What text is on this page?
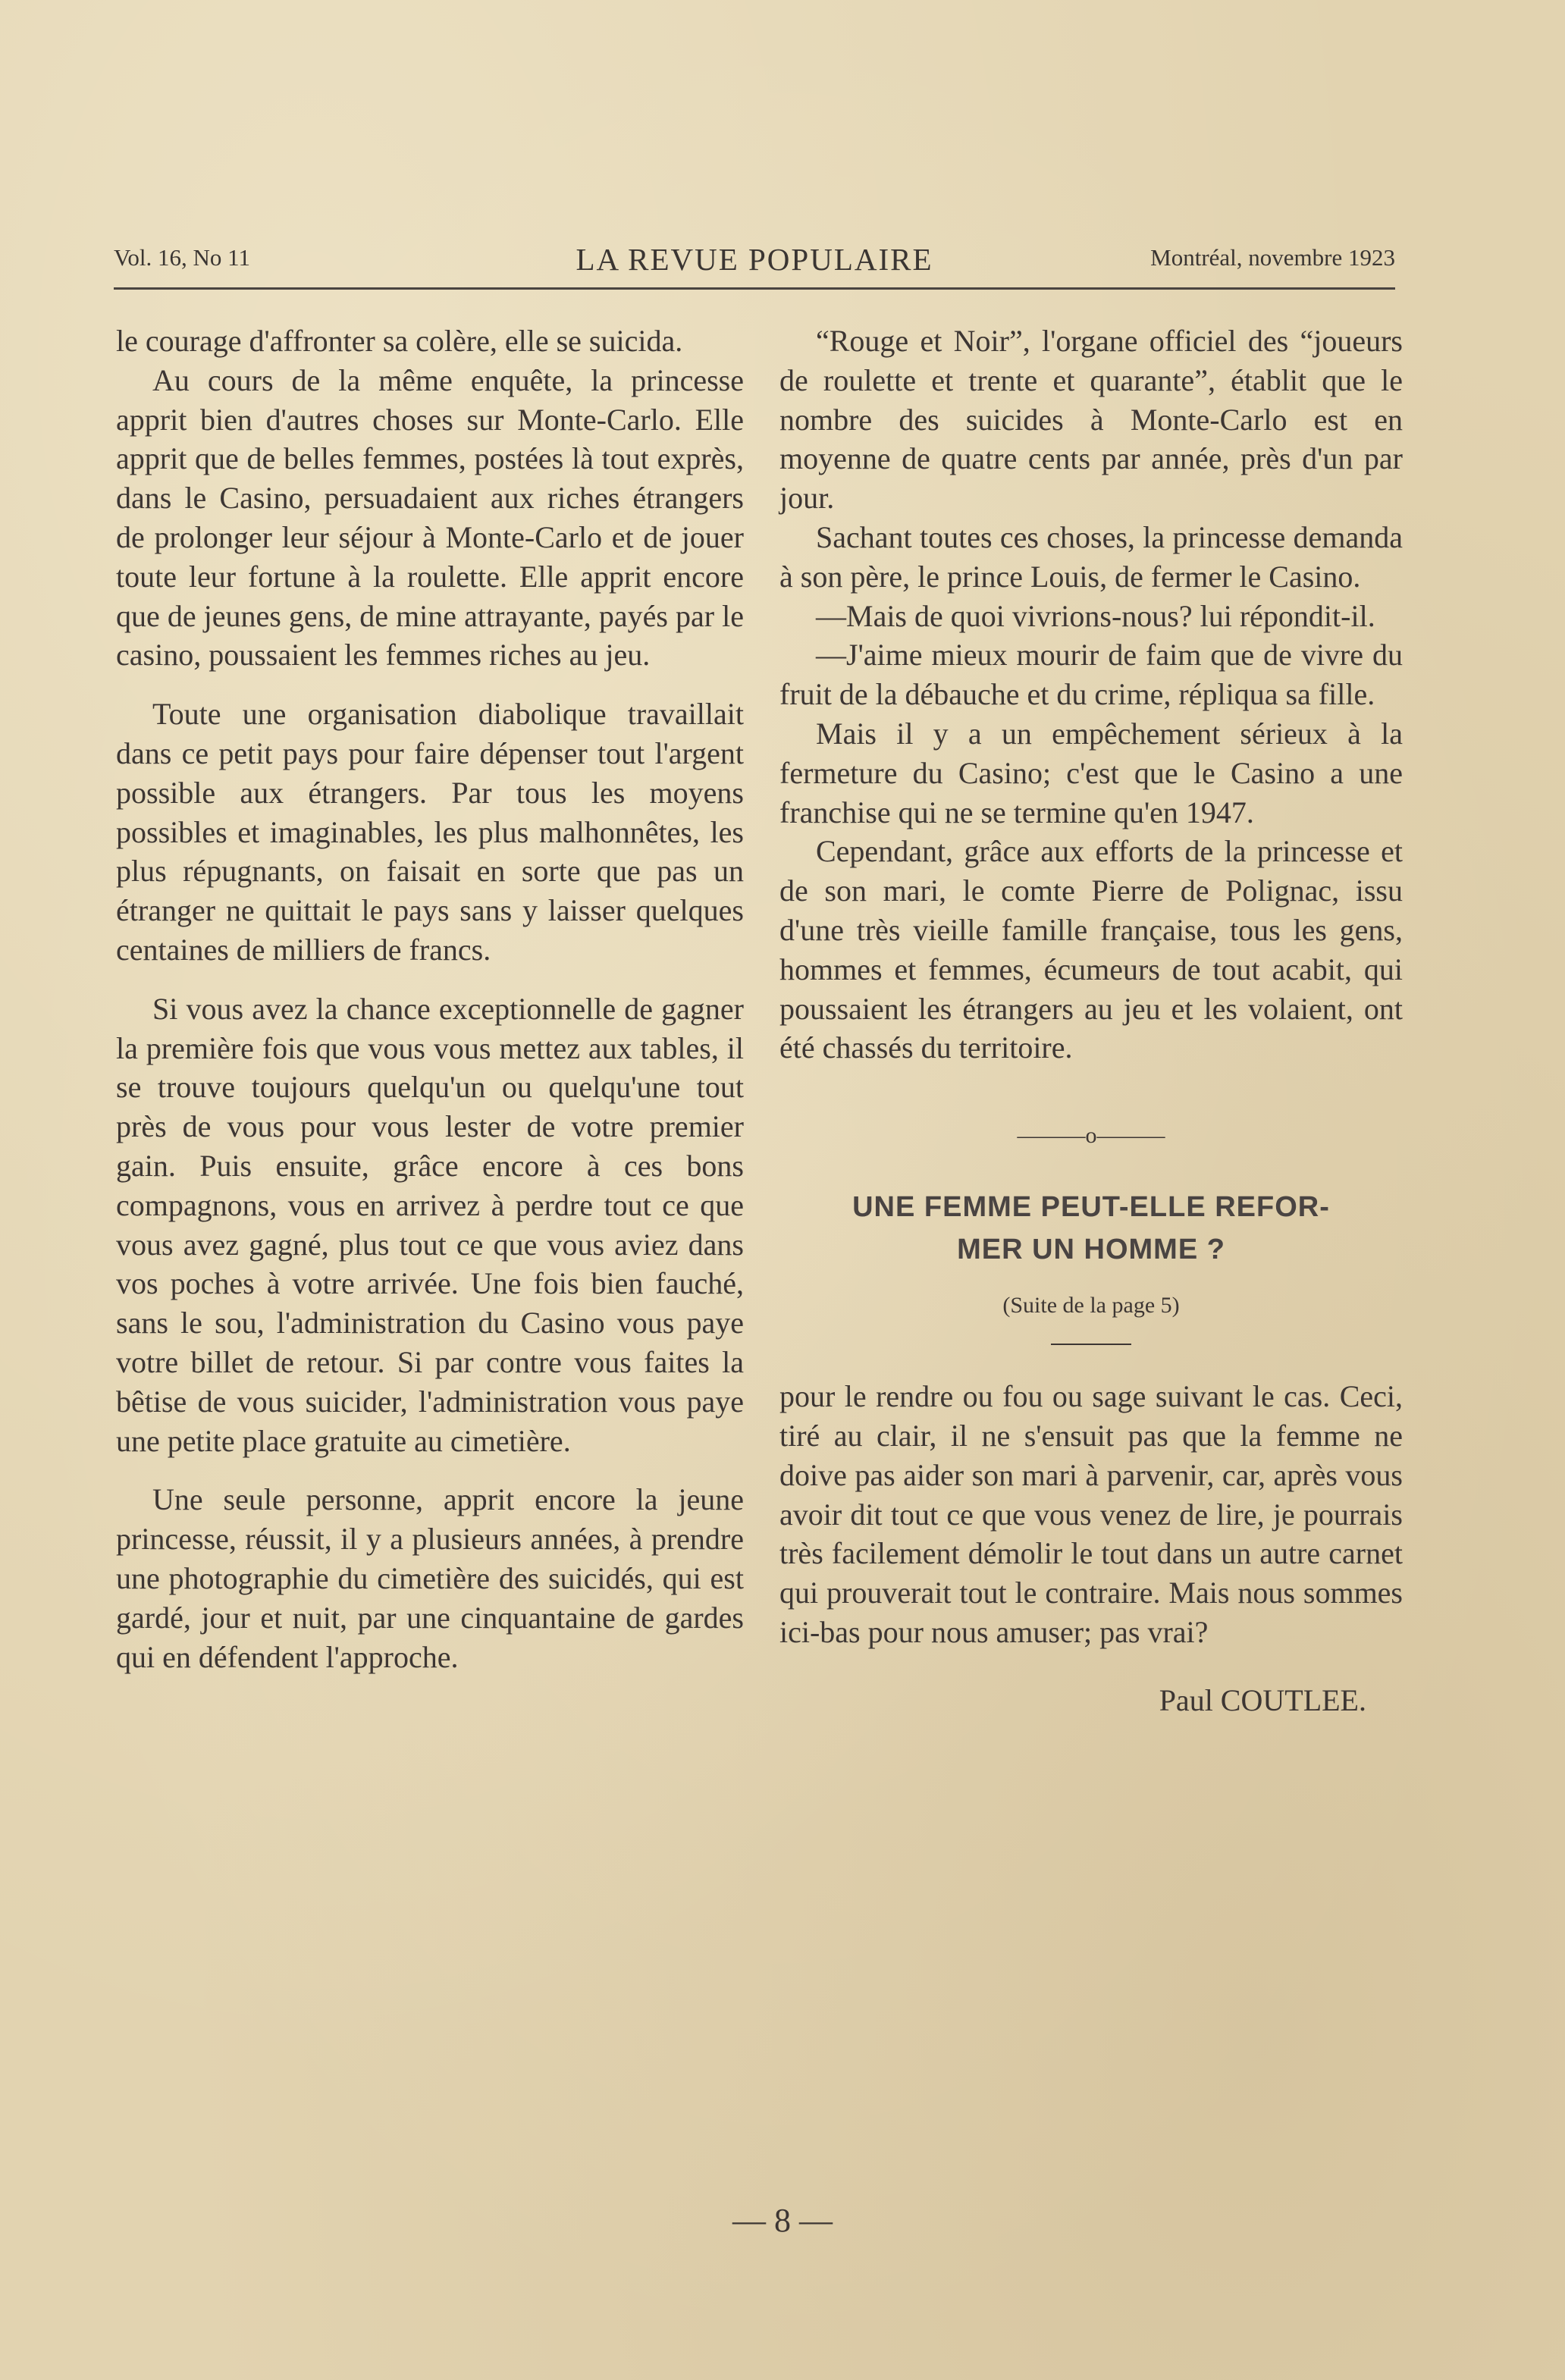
Vol. 16, No 11	LA REVUE POPULAIRE	Montréal, novembre 1923

le courage d'affronter sa colère, elle se suicida.

Au cours de la même enquête, la princesse apprit bien d'autres choses sur Monte-Carlo. Elle apprit que de belles femmes, postées là tout exprès, dans le Casino, persuadaient aux riches étrangers de prolonger leur séjour à Monte-Carlo et de jouer toute leur fortune à la roulette. Elle apprit encore que de jeunes gens, de mine attrayante, payés par le casino, poussaient les femmes riches au jeu.

Toute une organisation diabolique travaillait dans ce petit pays pour faire dépenser tout l'argent possible aux étrangers. Par tous les moyens possibles et imaginables, les plus malhonnêtes, les plus répugnants, on faisait en sorte que pas un étranger ne quittait le pays sans y laisser quelques centaines de milliers de francs.

Si vous avez la chance exceptionnelle de gagner la première fois que vous vous mettez aux tables, il se trouve toujours quelqu'un ou quelqu'une tout près de vous pour vous lester de votre premier gain. Puis ensuite, grâce encore à ces bons compagnons, vous en arrivez à perdre tout ce que vous avez gagné, plus tout ce que vous aviez dans vos poches à votre arrivée. Une fois bien fauché, sans le sou, l'administration du Casino vous paye votre billet de retour. Si par contre vous faites la bêtise de vous suicider, l'administration vous paye une petite place gratuite au cimetière.

Une seule personne, apprit encore la jeune princesse, réussit, il y a plusieurs années, à prendre une photographie du cimetière des suicidés, qui est gardé, jour et nuit, par une cinquantaine de gardes qui en défendent l'approche.

“Rouge et Noir”, l'organe officiel des “joueurs de roulette et trente et quarante”, établit que le nombre des suicides à Monte-Carlo est en moyenne de quatre cents par année, près d'un par jour.

Sachant toutes ces choses, la princesse demanda à son père, le prince Louis, de fermer le Casino.

—Mais de quoi vivrions-nous? lui répondit-il.

—J'aime mieux mourir de faim que de vivre du fruit de la débauche et du crime, répliqua sa fille.

Mais il y a un empêchement sérieux à la fermeture du Casino; c'est que le Casino a une franchise qui ne se termine qu'en 1947.

Cependant, grâce aux efforts de la princesse et de son mari, le comte Pierre de Polignac, issu d'une très vieille famille française, tous les gens, hommes et femmes, écumeurs de tout acabit, qui poussaient les étrangers au jeu et les volaient, ont été chassés du territoire.

———o———

UNE FEMME PEUT-ELLE REFOR-

MER UN HOMME ?

(Suite de la page 5)

pour le rendre ou fou ou sage suivant le cas. Ceci, tiré au clair, il ne s'ensuit pas que la femme ne doive pas aider son mari à parvenir, car, après vous avoir dit tout ce que vous venez de lire, je pourrais très facilement démolir le tout dans un autre carnet qui prouverait tout le contraire. Mais nous sommes ici-bas pour nous amuser; pas vrai?

Paul COUTLEE.
— 8 —
